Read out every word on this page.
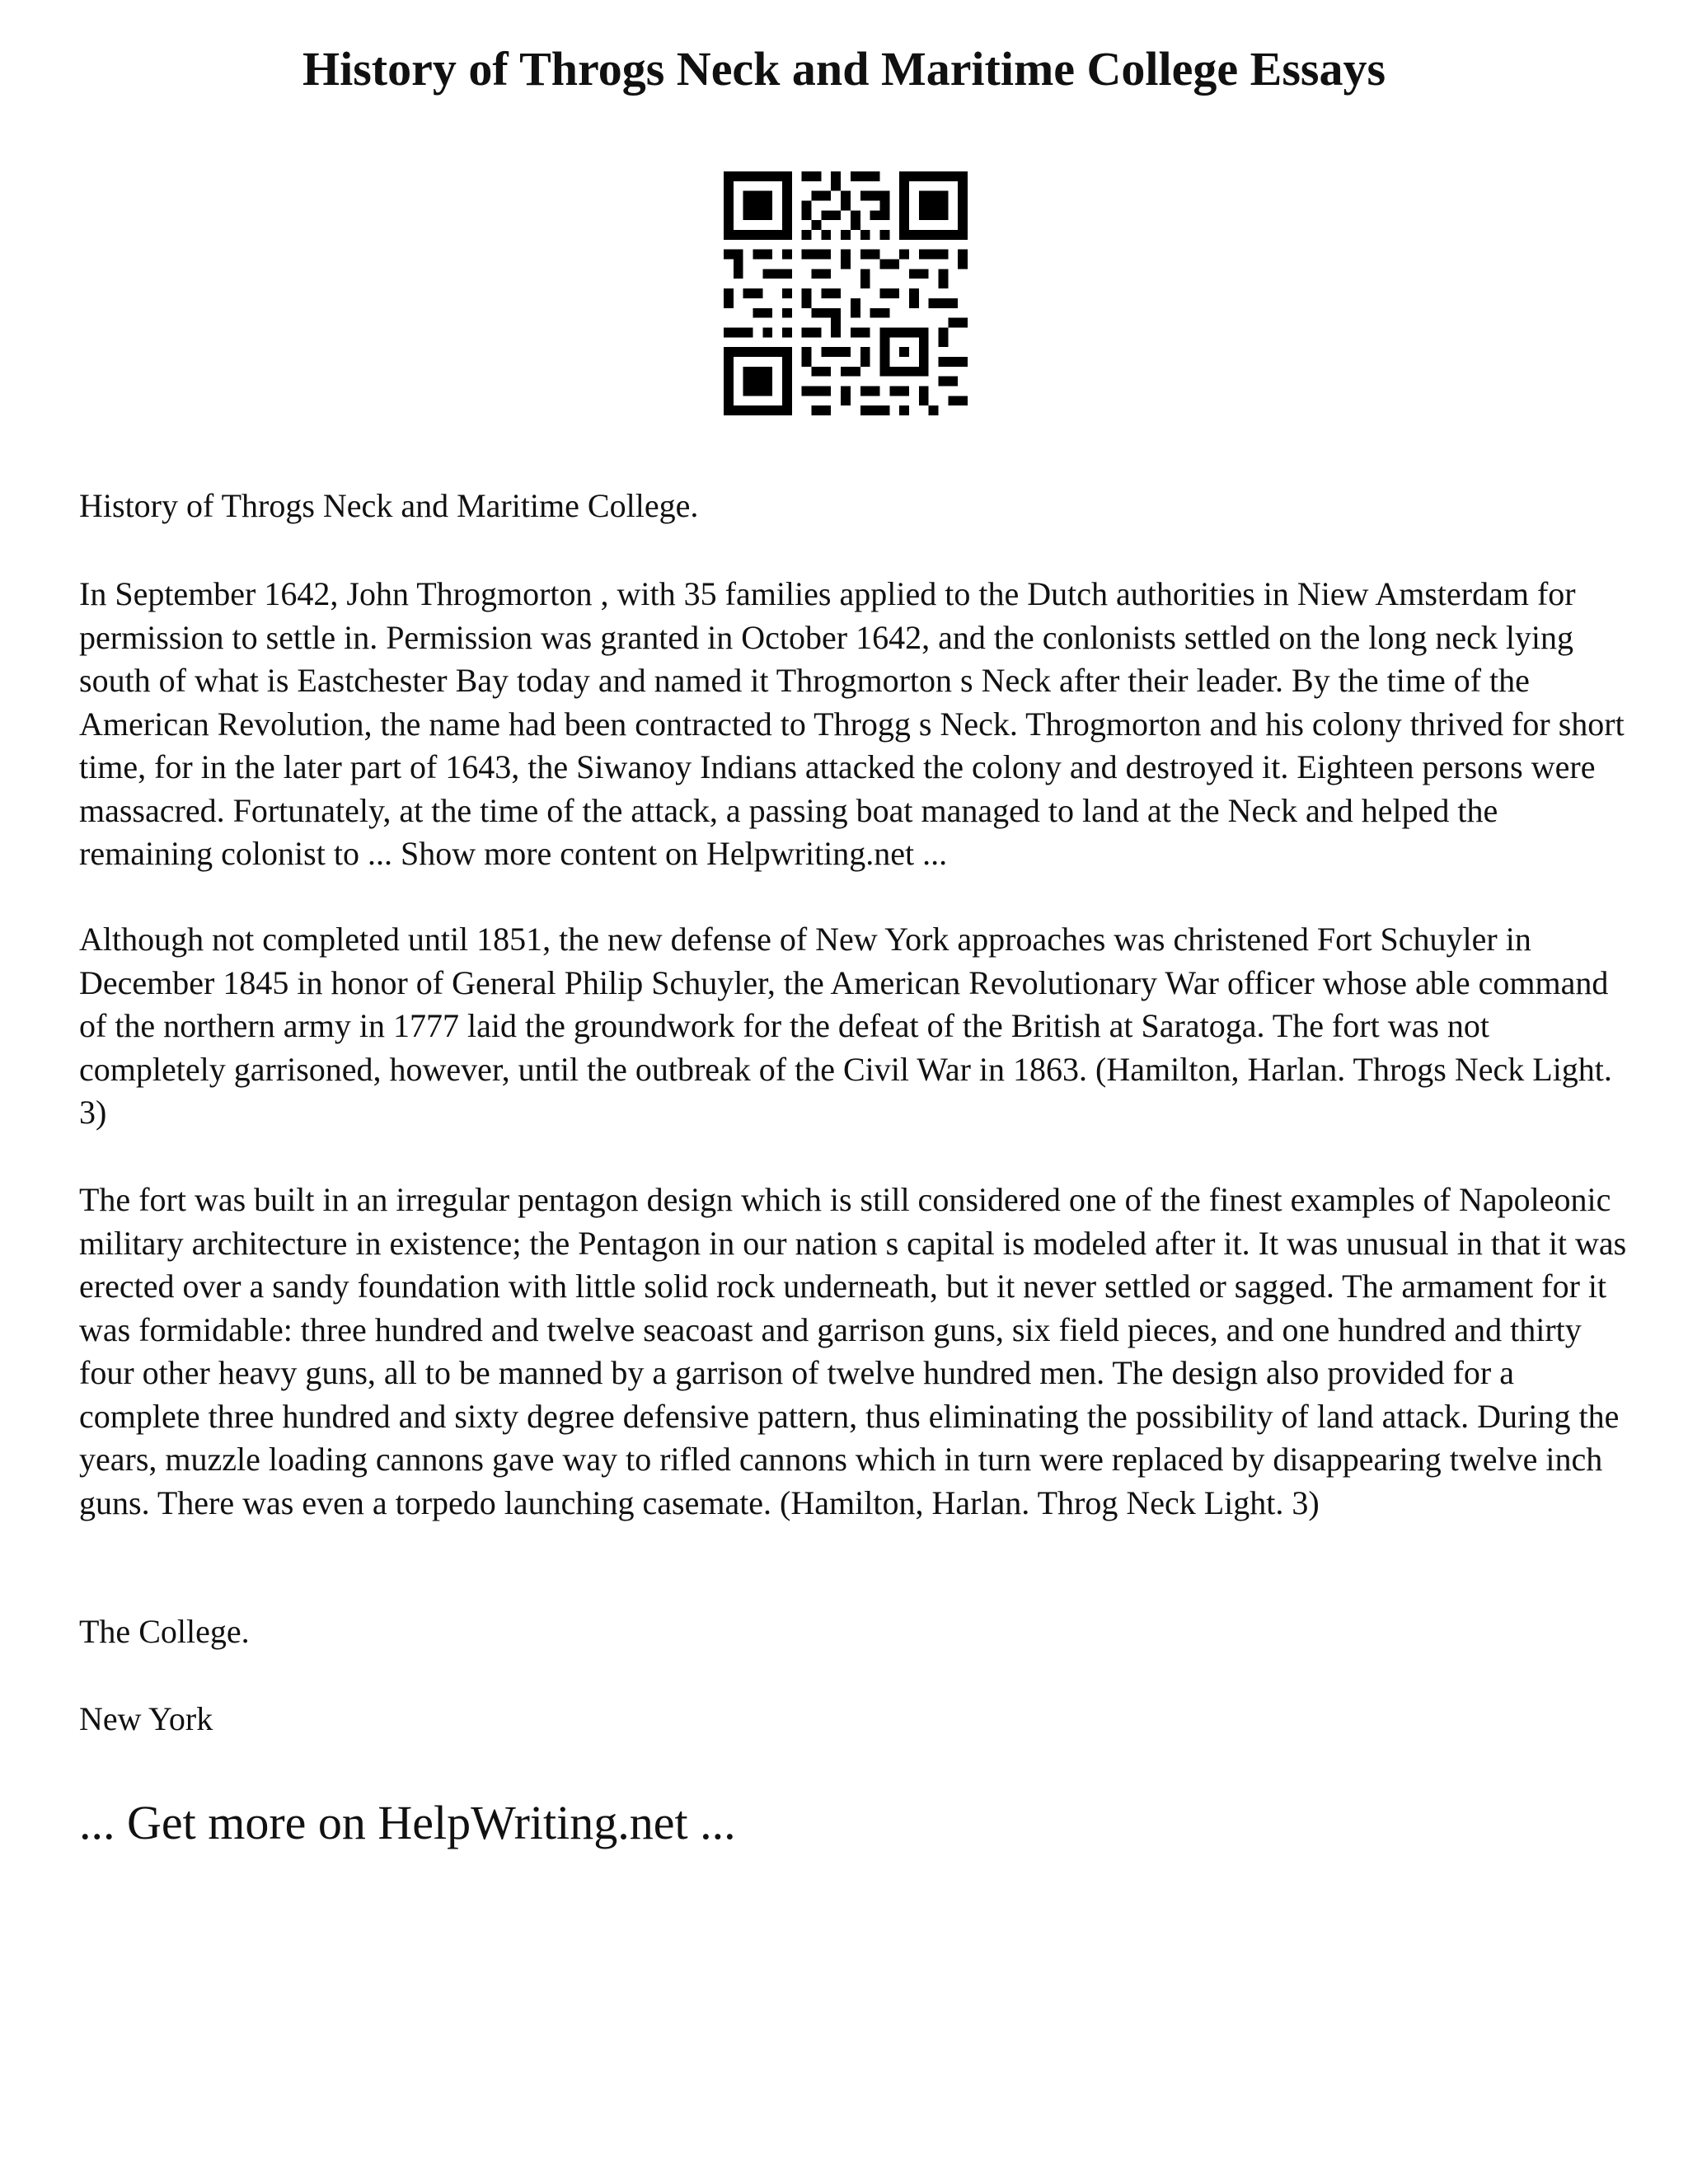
History of Throgs Neck and Maritime College Essays

History of Throgs Neck and Maritime College.

In September 1642, John Throgmorton , with 35 families applied to the Dutch authorities in Niew Amsterdam for permission to settle in. Permission was granted in October 1642, and the conlonists settled on the long neck lying south of what is Eastchester Bay today and named it Throgmorton s Neck after their leader. By the time of the American Revolution, the name had been contracted to Throgg s Neck. Throgmorton and his colony thrived for short time, for in the later part of 1643, the Siwanoy Indians attacked the colony and destroyed it. Eighteen persons were massacred. Fortunately, at the time of the attack, a passing boat managed to land at the Neck and helped the remaining colonist to ... Show more content on Helpwriting.net ...

Although not completed until 1851, the new defense of New York approaches was christened Fort Schuyler in December 1845 in honor of General Philip Schuyler, the American Revolutionary War officer whose able command of the northern army in 1777 laid the groundwork for the defeat of the British at Saratoga. The fort was not completely garrisoned, however, until the outbreak of the Civil War in 1863. (Hamilton, Harlan. Throgs Neck Light. 3)

The fort was built in an irregular pentagon design which is still considered one of the finest examples of Napoleonic military architecture in existence; the Pentagon in our nation s capital is modeled after it. It was unusual in that it was erected over a sandy foundation with little solid rock underneath, but it never settled or sagged. The armament for it was formidable: three hundred and twelve seacoast and garrison guns, six field pieces, and one hundred and thirty four other heavy guns, all to be manned by a garrison of twelve hundred men. The design also provided for a complete three hundred and sixty degree defensive pattern, thus eliminating the possibility of land attack. During the years, muzzle loading cannons gave way to rifled cannons which in turn were replaced by disappearing twelve inch guns. There was even a torpedo launching casemate. (Hamilton, Harlan. Throg Neck Light. 3)

The College.

New York

... Get more on HelpWriting.net ...
